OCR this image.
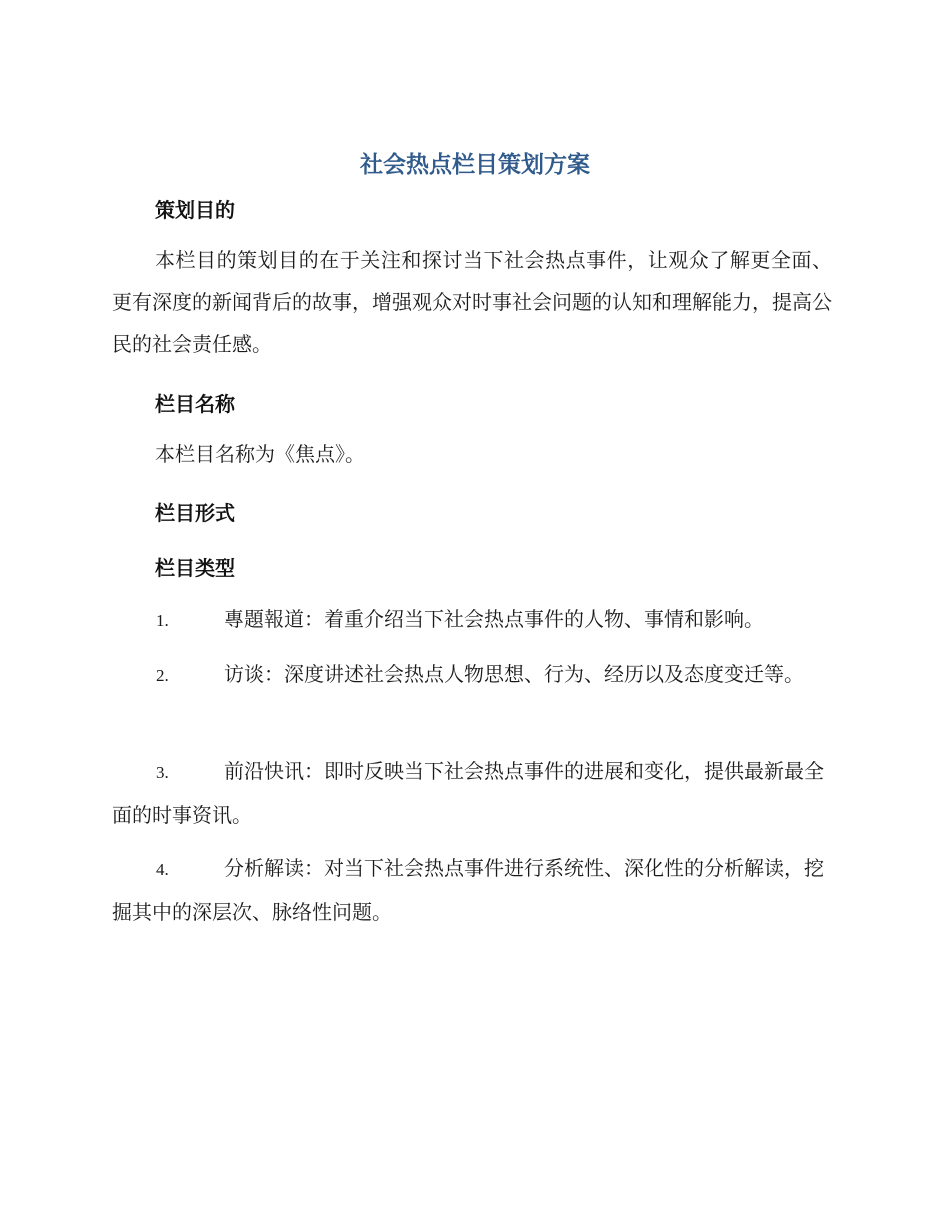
社会热点栏目策划方案
策划目的
本栏目的策划目的在于关注和探讨当下社会热点事件，让观众了解更全面、更有深度的新闻背后的故事，增强观众对时事社会问题的认知和理解能力，提高公民的社会责任感。
栏目名称
本栏目名称为《焦点》。
栏目形式
栏目类型
1.	專題報道：着重介绍当下社会热点事件的人物、事情和影响。
2.	访谈：深度讲述社会热点人物思想、行为、经历以及态度变迁等。
3.	前沿快讯：即时反映当下社会热点事件的进展和变化，提供最新最全面的时事资讯。
4.	分析解读：对当下社会热点事件进行系统性、深化性的分析解读，挖掘其中的深层次、脉络性问题。
